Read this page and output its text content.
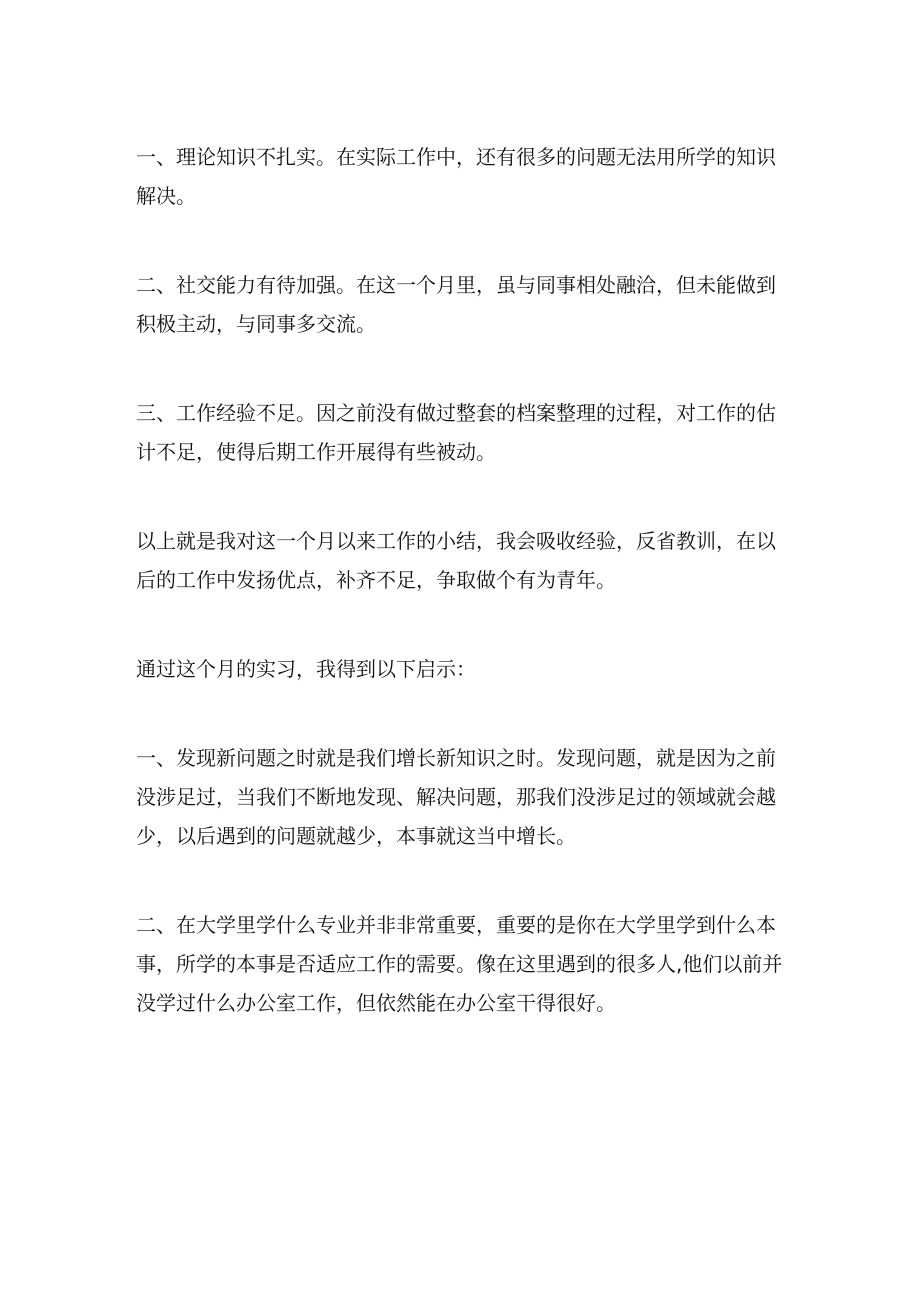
一、理论知识不扎实。在实际工作中，还有很多的问题无法用所学的知识
解决。

二、社交能力有待加强。在这一个月里，虽与同事相处融洽，但未能做到
积极主动，与同事多交流。

三、工作经验不足。因之前没有做过整套的档案整理的过程，对工作的估
计不足，使得后期工作开展得有些被动。

以上就是我对这一个月以来工作的小结，我会吸收经验，反省教训，在以
后的工作中发扬优点，补齐不足，争取做个有为青年。

通过这个月的实习，我得到以下启示：

一、发现新问题之时就是我们增长新知识之时。发现问题，就是因为之前
没涉足过，当我们不断地发现、解决问题，那我们没涉足过的领域就会越
少，以后遇到的问题就越少，本事就这当中增长。

二、在大学里学什么专业并非非常重要，重要的是你在大学里学到什么本
事，所学的本事是否适应工作的需要。像在这里遇到的很多人,他们以前并
没学过什么办公室工作，但依然能在办公室干得很好。
